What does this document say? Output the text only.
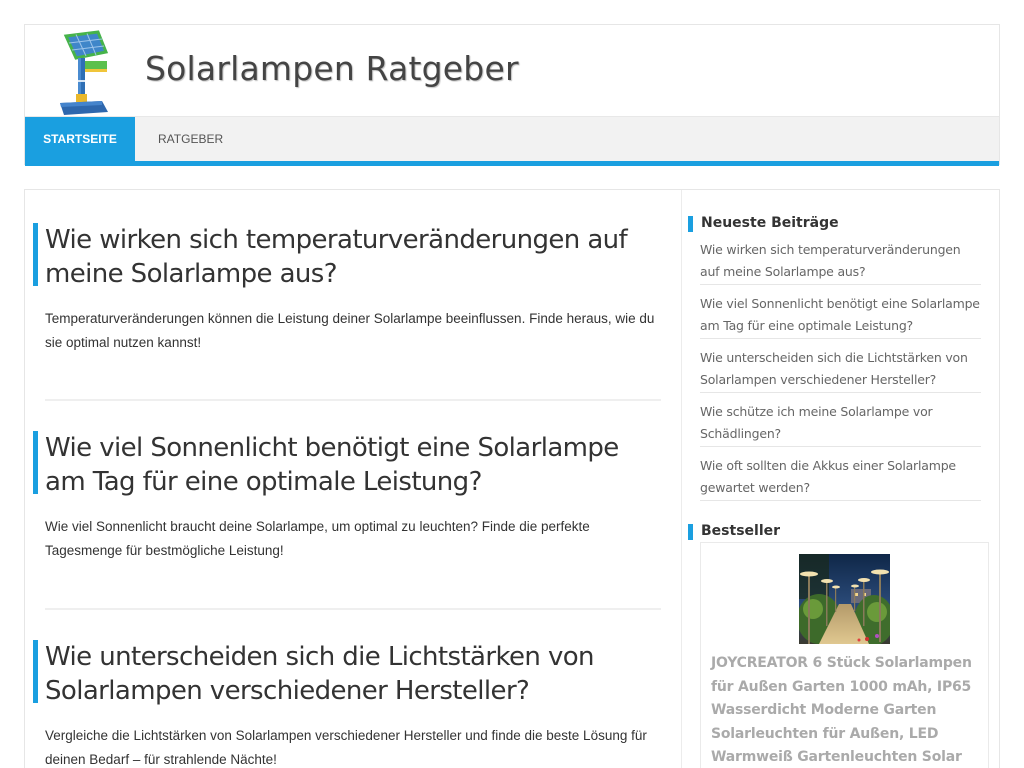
Solarlampen Ratgeber
STARTSEITE	RATGEBER
Wie wirken sich temperaturveränderungen auf meine Solarlampe aus?

Temperaturveränderungen können die Leistung deiner Solarlampe beeinflussen. Finde heraus, wie du sie optimal nutzen kannst!

Wie viel Sonnenlicht benötigt eine Solarlampe am Tag für eine optimale Leistung?

Wie viel Sonnenlicht braucht deine Solarlampe, um optimal zu leuchten? Finde die perfekte Tagesmenge für bestmögliche Leistung!

Wie unterscheiden sich die Lichtstärken von Solarlampen verschiedener Hersteller?

Vergleiche die Lichtstärken von Solarlampen verschiedener Hersteller und finde die beste Lösung für deinen Bedarf – für strahlende Nächte!

Neueste Beiträge
Wie wirken sich temperaturveränderungen auf meine Solarlampe aus?
Wie viel Sonnenlicht benötigt eine Solarlampe am Tag für eine optimale Leistung?
Wie unterscheiden sich die Lichtstärken von Solarlampen verschiedener Hersteller?
Wie schütze ich meine Solarlampe vor Schädlingen?
Wie oft sollten die Akkus einer Solarlampe gewartet werden?
Bestseller
JOYCREATOR 6 Stück Solarlampen für Außen Garten 1000 mAh, IP65 Wasserdicht Moderne Garten Solarleuchten für Außen, LED Warmweiß Gartenleuchten Solar
